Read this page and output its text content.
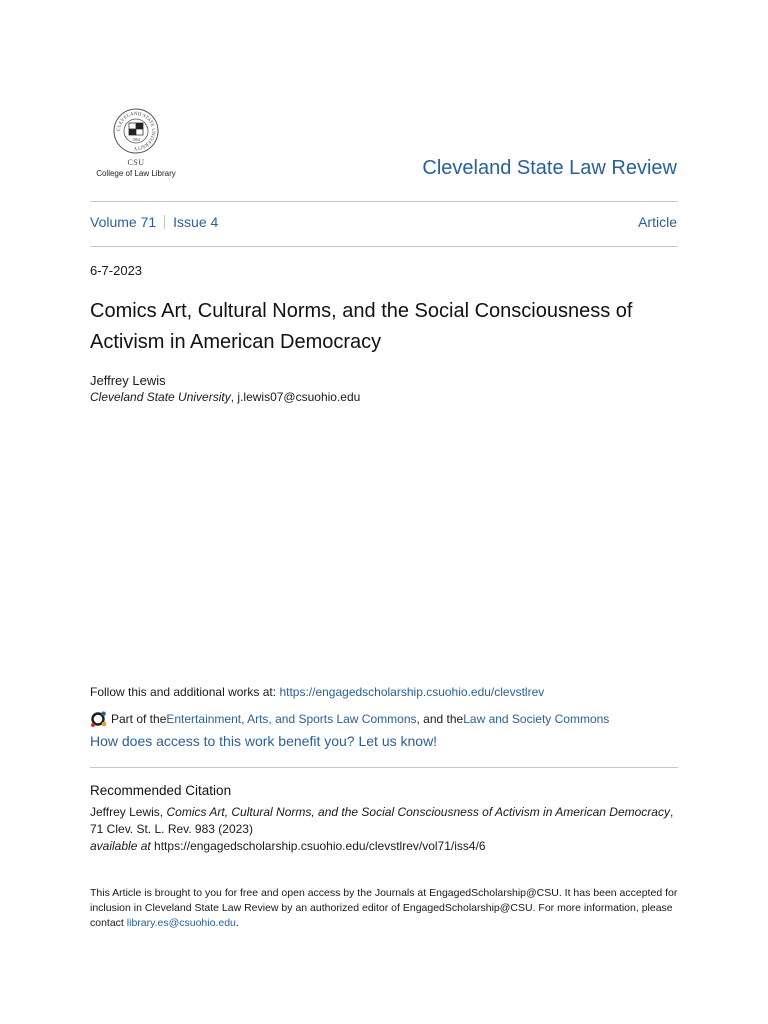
CLEVELAND STATE UNIVERSITY
1964
CSU
College of Law Library	Cleveland State Law Review
Volume 71 Issue 4	Article
6-7-2023
Comics Art, Cultural Norms, and the Social Consciousness of Activism in American Democracy
Jeffrey Lewis
Cleveland State University, j.lewis07@csuohio.edu
Follow this and additional works at: https://engagedscholarship.csuohio.edu/clevstlrev
Part of the Entertainment, Arts, and Sports Law Commons , and the Law and Society Commons
How does access to this work benefit you? Let us know!
Recommended Citation
Jeffrey Lewis, Comics Art, Cultural Norms, and the Social Consciousness of Activism in American Democracy, 71 Clev. St. L. Rev. 983 (2023)
available at https://engagedscholarship.csuohio.edu/clevstlrev/vol71/iss4/6
This Article is brought to you for free and open access by the Journals at EngagedScholarship@CSU. It has been accepted for inclusion in Cleveland State Law Review by an authorized editor of EngagedScholarship@CSU. For more information, please contact library.es@csuohio.edu.
